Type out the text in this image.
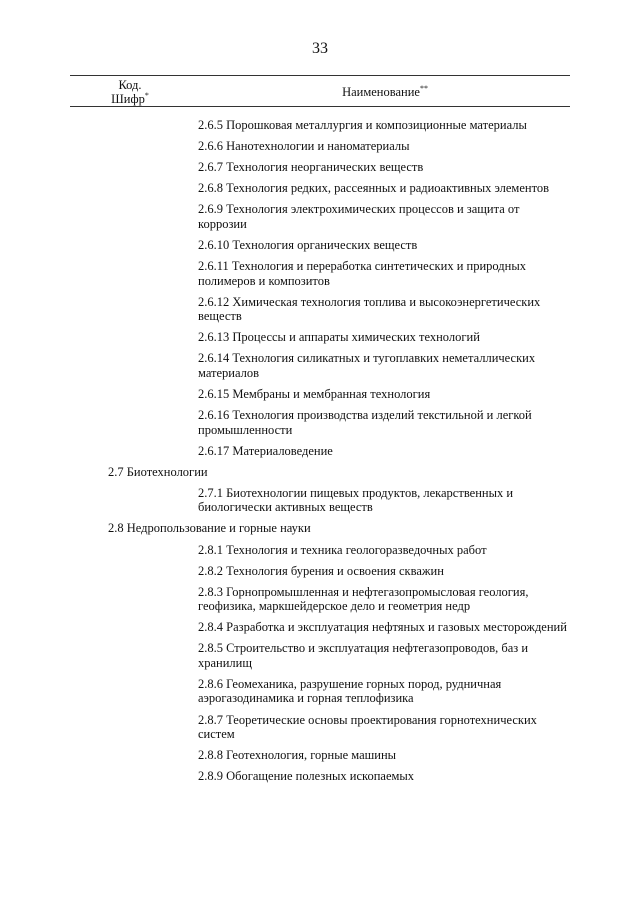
33
Код.
Шифр*	Наименование**
2.6.5 Порошковая металлургия и композиционные материалы
2.6.6 Нанотехнологии и наноматериалы
2.6.7 Технология неорганических веществ
2.6.8 Технология редких, рассеянных и радиоактивных элементов
2.6.9 Технология электрохимических процессов и защита от коррозии
2.6.10 Технология органических веществ
2.6.11 Технология и переработка синтетических и природных полимеров и композитов
2.6.12 Химическая технология топлива и высокоэнергетических веществ
2.6.13 Процессы и аппараты химических технологий
2.6.14 Технология силикатных и тугоплавких неметаллических материалов
2.6.15 Мембраны и мембранная технология
2.6.16 Технология производства изделий текстильной и легкой промышленности
2.6.17 Материаловедение
2.7 Биотехнологии
2.7.1 Биотехнологии пищевых продуктов, лекарственных и биологически активных веществ
2.8 Недропользование и горные науки
2.8.1 Технология и техника геологоразведочных работ
2.8.2 Технология бурения и освоения скважин
2.8.3 Горнопромышленная и нефтегазопромысловая геология, геофизика, маркшейдерское дело и геометрия недр
2.8.4 Разработка и эксплуатация нефтяных и газовых месторождений
2.8.5 Строительство и эксплуатация нефтегазопроводов, баз и хранилищ
2.8.6 Геомеханика, разрушение горных пород, рудничная аэрогазодинамика и горная теплофизика
2.8.7 Теоретические основы проектирования горнотехнических систем
2.8.8 Геотехнология, горные машины
2.8.9 Обогащение полезных ископаемых
